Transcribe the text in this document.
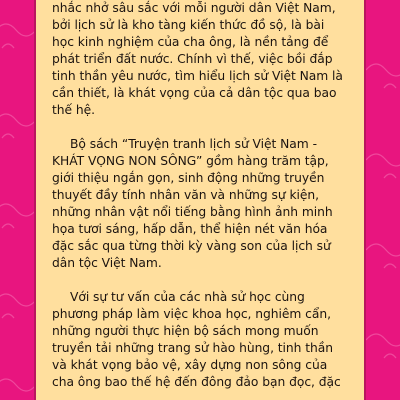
nhắc nhở sâu sắc với mỗi người dân Việt Nam,
bởi lịch sử là kho tàng kiến thức đồ sộ, là bài
học kinh nghiệm của cha ông, là nền tảng để
phát triển đất nước. Chính vì thế, việc bồi đắp
tinh thần yêu nước, tìm hiểu lịch sử Việt Nam là
cần thiết, là khát vọng của cả dân tộc qua bao
thế hệ.
Bộ sách “Truyện tranh lịch sử Việt Nam -
KHÁT VỌNG NON SÔNG” gồm hàng trăm tập,
giới thiệu ngắn gọn, sinh động những truyền
thuyết đầy tính nhân văn và những sự kiện,
những nhân vật nổi tiếng bằng hình ảnh minh
họa tươi sáng, hấp dẫn, thể hiện nét văn hóa
đặc sắc qua từng thời kỳ vàng son của lịch sử
dân tộc Việt Nam.
Với sự tư vấn của các nhà sử học cùng
phương pháp làm việc khoa học, nghiêm cẩn,
những người thực hiện bộ sách mong muốn
truyền tải những trang sử hào hùng, tinh thần
và khát vọng bảo vệ, xây dựng non sông của
cha ông bao thế hệ đến đông đảo bạn đọc, đặc
